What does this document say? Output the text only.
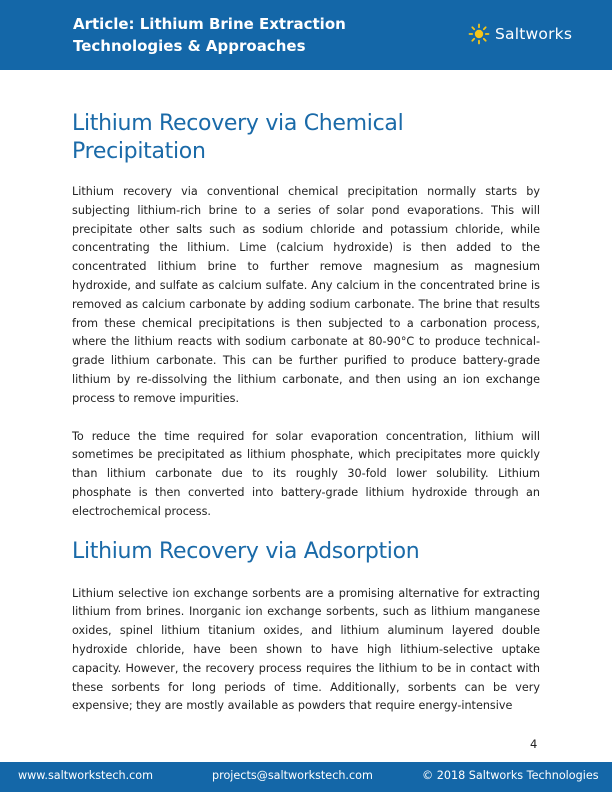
Article: Lithium Brine Extraction Technologies & Approaches
Saltworks
Lithium Recovery via Chemical Precipitation

Lithium recovery via conventional chemical precipitation normally starts by subjecting lithium-rich brine to a series of solar pond evaporations. This will precipitate other salts such as sodium chloride and potassium chloride, while concentrating the lithium. Lime (calcium hydroxide) is then added to the concentrated lithium brine to further remove magnesium as magnesium hydroxide, and sulfate as calcium sulfate. Any calcium in the concentrated brine is removed as calcium carbonate by adding sodium carbonate. The brine that results from these chemical precipitations is then subjected to a carbonation process, where the lithium reacts with sodium carbonate at 80-90°C to produce technical-grade lithium carbonate. This can be further purified to produce battery-grade lithium by re-dissolving the lithium carbonate, and then using an ion exchange process to remove impurities.

To reduce the time required for solar evaporation concentration, lithium will sometimes be precipitated as lithium phosphate, which precipitates more quickly than lithium carbonate due to its roughly 30-fold lower solubility. Lithium phosphate is then converted into battery-grade lithium hydroxide through an electrochemical process.

Lithium Recovery via Adsorption

Lithium selective ion exchange sorbents are a promising alternative for extracting lithium from brines. Inorganic ion exchange sorbents, such as lithium manganese oxides, spinel lithium titanium oxides, and lithium aluminum layered double hydroxide chloride, have been shown to have high lithium-selective uptake capacity. However, the recovery process requires the lithium to be in contact with these sorbents for long periods of time. Additionally, sorbents can be very expensive; they are mostly available as powders that require energy-intensive

4
www.saltworkstech.com	projects@saltworkstech.com	© 2018 Saltworks Technologies
